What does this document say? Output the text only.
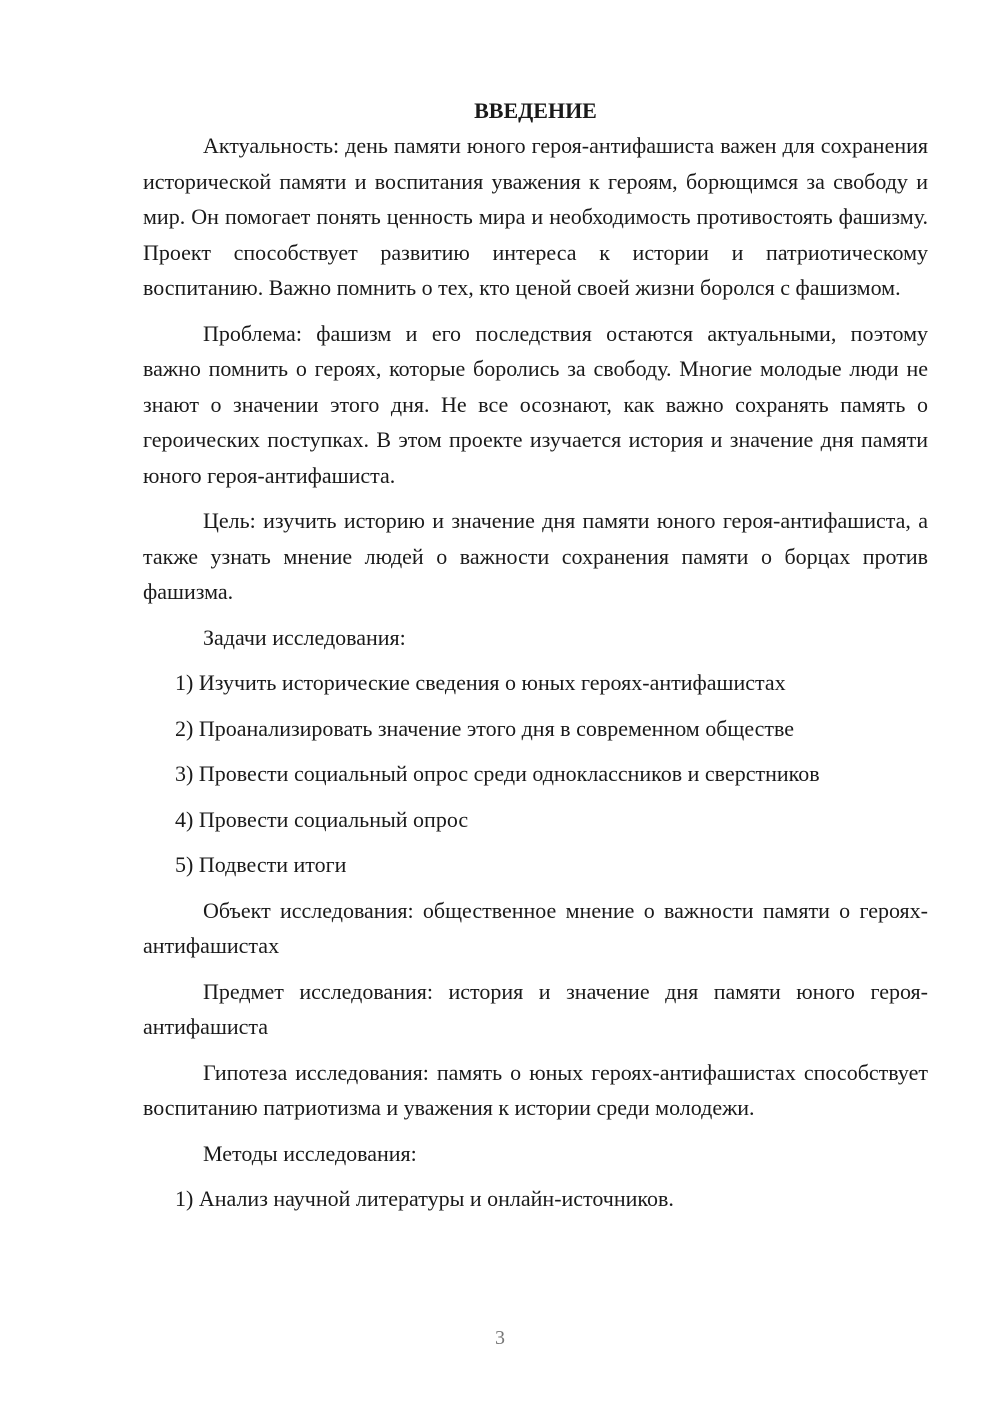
ВВЕДЕНИЕ

Актуальность: день памяти юного героя-антифашиста важен для сохранения исторической памяти и воспитания уважения к героям, борющимся за свободу и мир. Он помогает понять ценность мира и необходимость противостоять фашизму. Проект способствует развитию интереса к истории и патриотическому воспитанию. Важно помнить о тех, кто ценой своей жизни боролся с фашизмом.

Проблема: фашизм и его последствия остаются актуальными, поэтому важно помнить о героях, которые боролись за свободу. Многие молодые люди не знают о значении этого дня. Не все осознают, как важно сохранять память о героических поступках. В этом проекте изучается история и значение дня памяти юного героя-антифашиста.

Цель: изучить историю и значение дня памяти юного героя-антифашиста, а также узнать мнение людей о важности сохранения памяти о борцах против фашизма.

Задачи исследования:

1) Изучить исторические сведения о юных героях-антифашистах
2) Проанализировать значение этого дня в современном обществе
3) Провести социальный опрос среди одноклассников и сверстников
4) Провести социальный опрос
5) Подвести итоги

Объект исследования: общественное мнение о важности памяти о героях-антифашистах

Предмет исследования: история и значение дня памяти юного героя-антифашиста

Гипотеза исследования: память о юных героях-антифашистах способствует воспитанию патриотизма и уважения к истории среди молодежи.

Методы исследования:

1) Анализ научной литературы и онлайн-источников.
3
